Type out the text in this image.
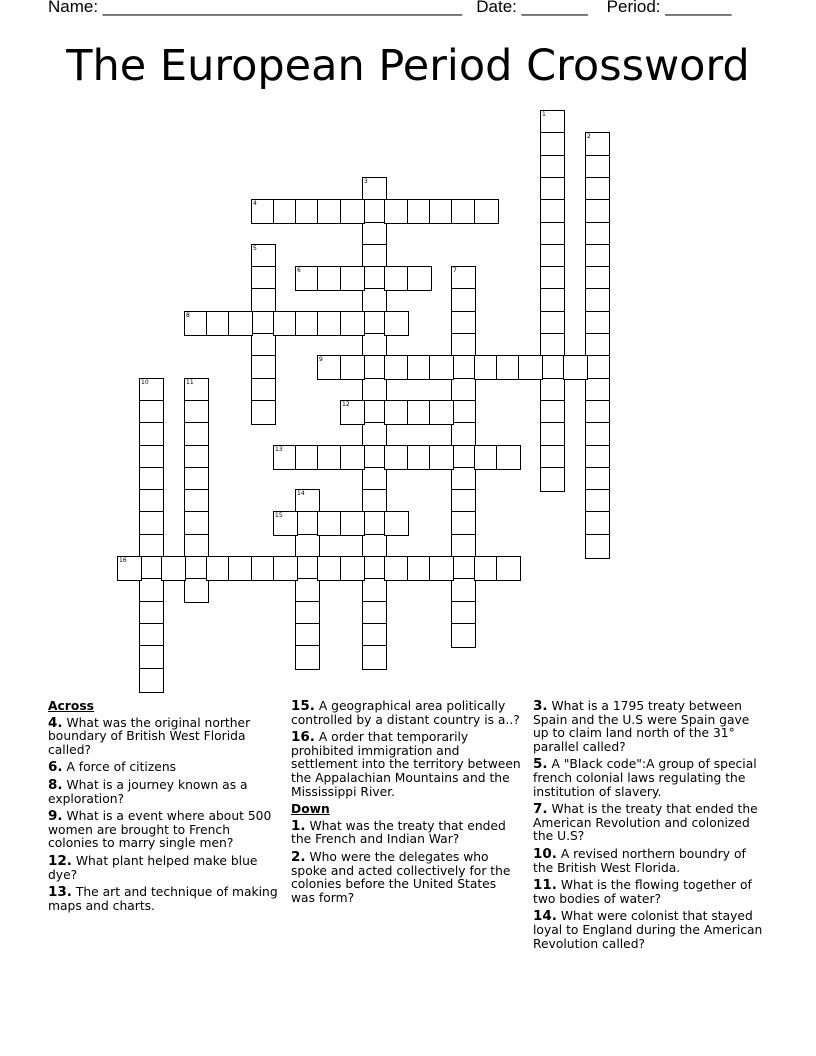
Name: ______________________________________   Date: _______    Period: _______
The European Period Crossword
1
2
3
4
5
6	7
8
9
10	11
12
13
14
15
16
Across
4. What was the original norther boundary of British West Florida called?
6. A force of citizens
8. What is a journey known as a exploration?
9. What is a event where about 500 women are brought to French colonies to marry single men?
12. What plant helped make blue dye?
13. The art and technique of making maps and charts.
15. A geographical area politically controlled by a distant country is a..?
16. A order that temporarily prohibited immigration and settlement into the territory between the Appalachian Mountains and the Mississippi River.
Down
1. What was the treaty that ended the French and Indian War?
2. Who were the delegates who spoke and acted collectively for the colonies before the United States was form?
3. What is a 1795 treaty between Spain and the U.S were Spain gave up to claim land north of the 31° parallel called?
5. A "Black code":A group of special french colonial laws regulating the institution of slavery.
7. What is the treaty that ended the American Revolution and colonized the U.S?
10. A revised northern boundry of the British West Florida.
11. What is the flowing together of two bodies of water?
14. What were colonist that stayed loyal to England during the American Revolution called?
